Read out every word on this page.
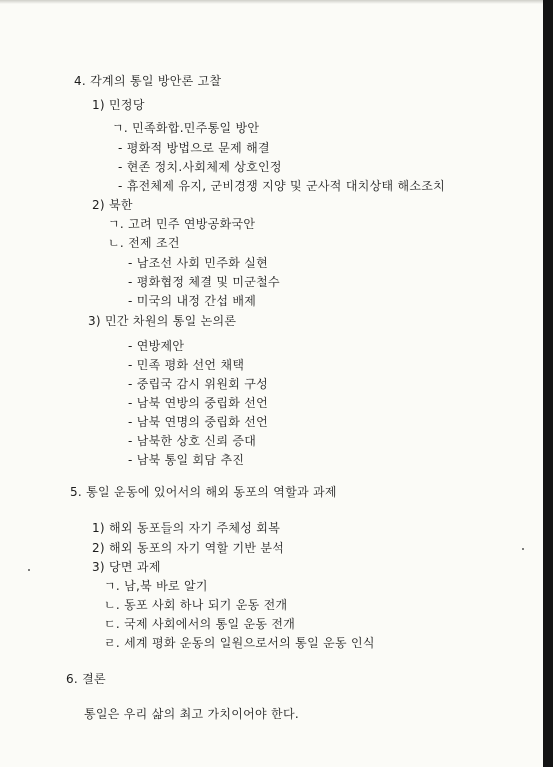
4. 각계의 통일 방안론 고찰
1) 민정당
ㄱ. 민족화합.민주통일 방안
- 평화적 방법으로 문제 해결
- 현존 정치.사회체제 상호인정
- 휴전체제 유지, 군비경쟁 지양 및 군사적 대치상태 해소조치
2) 북한
ㄱ. 고려 민주 연방공화국안
ㄴ. 전제 조건
- 남조선 사회 민주화 실현
- 평화협정 체결 및 미군철수
- 미국의 내정 간섭 배제
3) 민간 차원의 통일 논의론
- 연방제안
- 민족 평화 선언 채택
- 중립국 감시 위원회 구성
- 남북 연방의 중립화 선언
- 남북 연명의 중립화 선언
- 남북한 상호 신뢰 증대
- 남북 통일 회담 추진
5. 통일 운동에 있어서의 해외 동포의 역할과 과제
1) 해외 동포들의 자기 주체성 회복
2) 해외 동포의 자기 역할 기반 분석
3) 당면 과제
ㄱ. 남,북 바로 알기
ㄴ. 동포 사회 하나 되기 운동 전개
ㄷ. 국제 사회에서의 통일 운동 전개
ㄹ. 세계 평화 운동의 일원으로서의 통일 운동 인식
6. 결론
통일은 우리 삶의 최고 가치이어야 한다.
